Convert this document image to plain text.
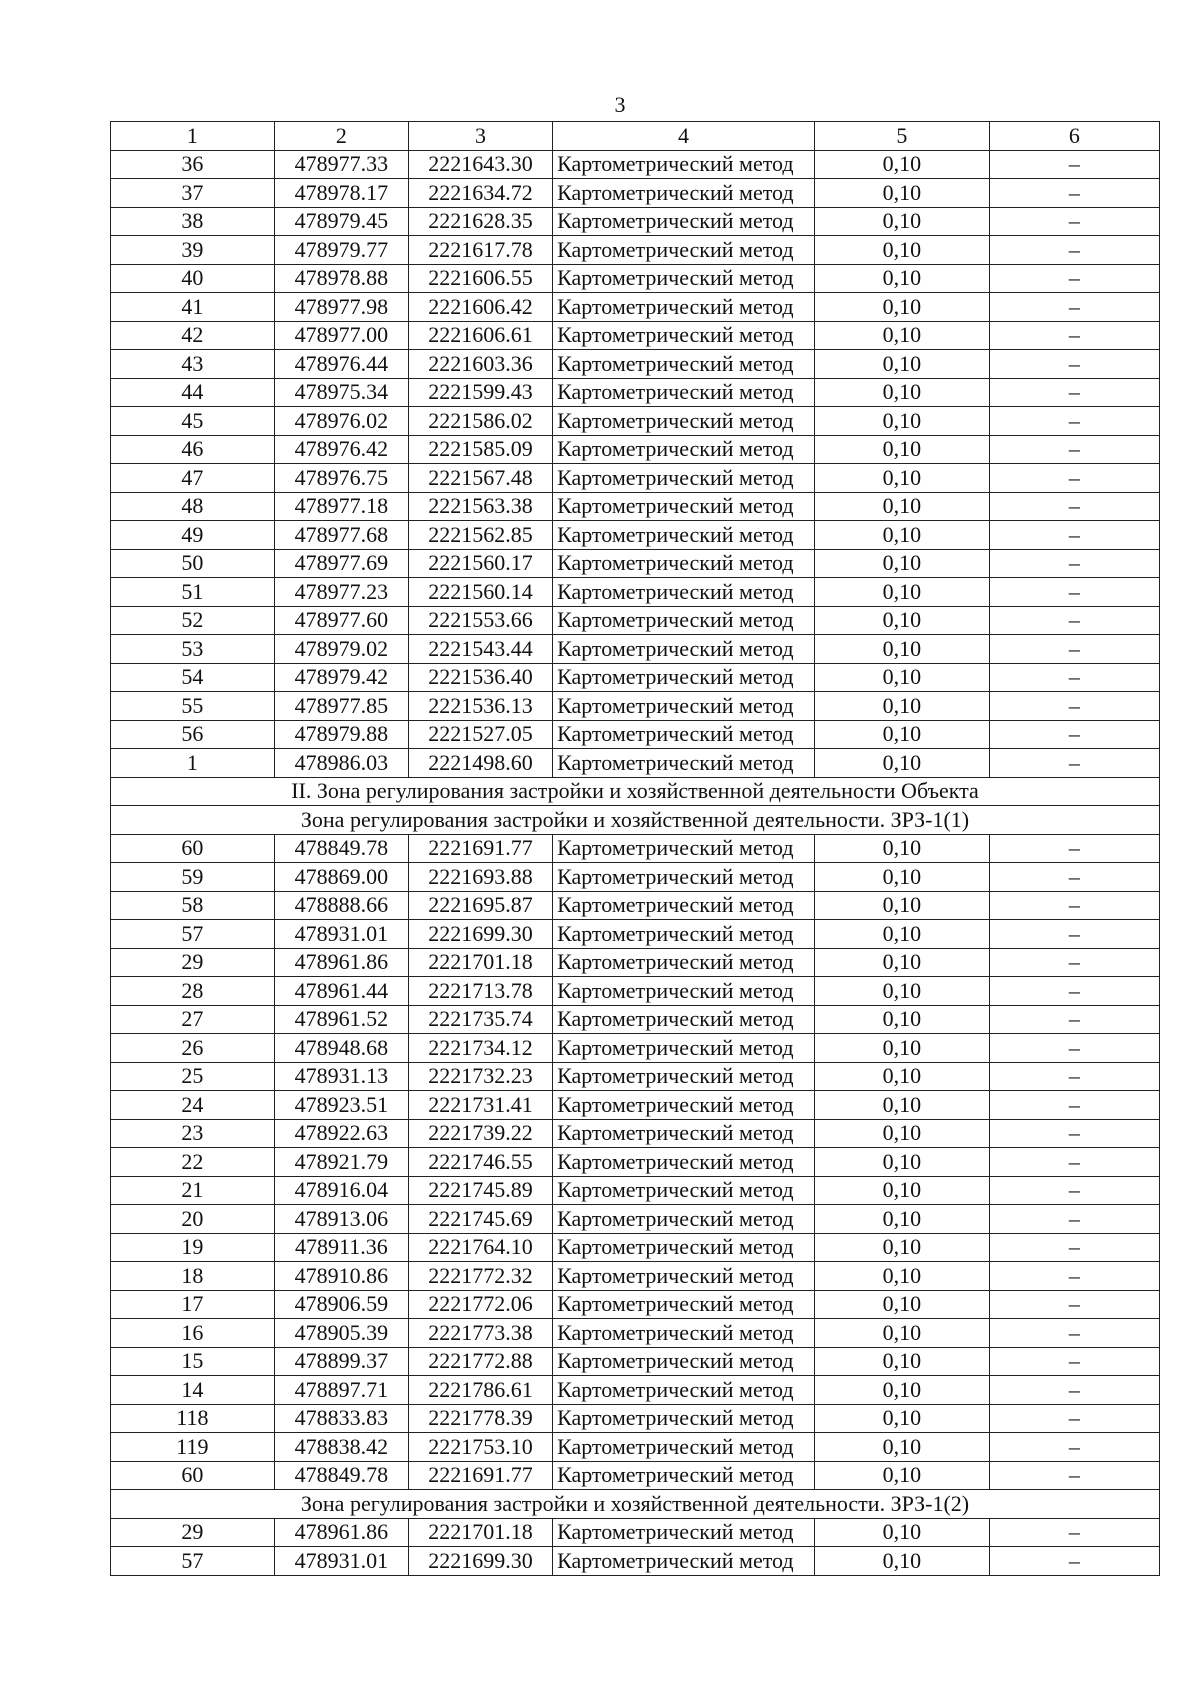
3
1	2	3	4	5	6
36	478977.33	2221643.30	Картометрический метод	0,10	–
37	478978.17	2221634.72	Картометрический метод	0,10	–
38	478979.45	2221628.35	Картометрический метод	0,10	–
39	478979.77	2221617.78	Картометрический метод	0,10	–
40	478978.88	2221606.55	Картометрический метод	0,10	–
41	478977.98	2221606.42	Картометрический метод	0,10	–
42	478977.00	2221606.61	Картометрический метод	0,10	–
43	478976.44	2221603.36	Картометрический метод	0,10	–
44	478975.34	2221599.43	Картометрический метод	0,10	–
45	478976.02	2221586.02	Картометрический метод	0,10	–
46	478976.42	2221585.09	Картометрический метод	0,10	–
47	478976.75	2221567.48	Картометрический метод	0,10	–
48	478977.18	2221563.38	Картометрический метод	0,10	–
49	478977.68	2221562.85	Картометрический метод	0,10	–
50	478977.69	2221560.17	Картометрический метод	0,10	–
51	478977.23	2221560.14	Картометрический метод	0,10	–
52	478977.60	2221553.66	Картометрический метод	0,10	–
53	478979.02	2221543.44	Картометрический метод	0,10	–
54	478979.42	2221536.40	Картометрический метод	0,10	–
55	478977.85	2221536.13	Картометрический метод	0,10	–
56	478979.88	2221527.05	Картометрический метод	0,10	–
1	478986.03	2221498.60	Картометрический метод	0,10	–
II. Зона регулирования застройки и хозяйственной деятельности Объекта					
Зона регулирования застройки и хозяйственной деятельности. ЗРЗ-1(1)					
60	478849.78	2221691.77	Картометрический метод	0,10	–
59	478869.00	2221693.88	Картометрический метод	0,10	–
58	478888.66	2221695.87	Картометрический метод	0,10	–
57	478931.01	2221699.30	Картометрический метод	0,10	–
29	478961.86	2221701.18	Картометрический метод	0,10	–
28	478961.44	2221713.78	Картометрический метод	0,10	–
27	478961.52	2221735.74	Картометрический метод	0,10	–
26	478948.68	2221734.12	Картометрический метод	0,10	–
25	478931.13	2221732.23	Картометрический метод	0,10	–
24	478923.51	2221731.41	Картометрический метод	0,10	–
23	478922.63	2221739.22	Картометрический метод	0,10	–
22	478921.79	2221746.55	Картометрический метод	0,10	–
21	478916.04	2221745.89	Картометрический метод	0,10	–
20	478913.06	2221745.69	Картометрический метод	0,10	–
19	478911.36	2221764.10	Картометрический метод	0,10	–
18	478910.86	2221772.32	Картометрический метод	0,10	–
17	478906.59	2221772.06	Картометрический метод	0,10	–
16	478905.39	2221773.38	Картометрический метод	0,10	–
15	478899.37	2221772.88	Картометрический метод	0,10	–
14	478897.71	2221786.61	Картометрический метод	0,10	–
118	478833.83	2221778.39	Картометрический метод	0,10	–
119	478838.42	2221753.10	Картометрический метод	0,10	–
60	478849.78	2221691.77	Картометрический метод	0,10	–
Зона регулирования застройки и хозяйственной деятельности. ЗРЗ-1(2)					
29	478961.86	2221701.18	Картометрический метод	0,10	–
57	478931.01	2221699.30	Картометрический метод	0,10	–
